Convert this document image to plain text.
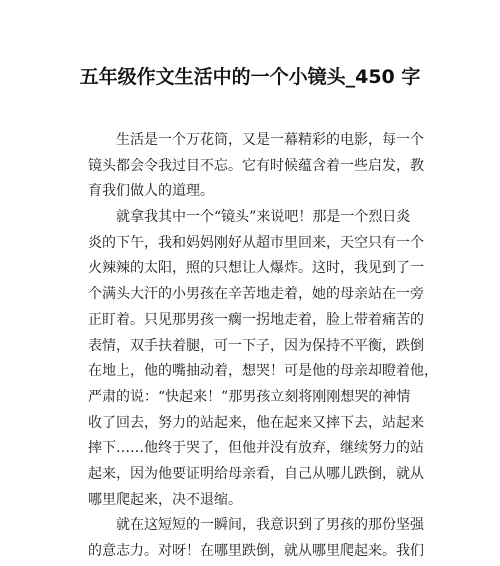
五年级作文生活中的一个小镜头_450 字
生活是一个万花筒，又是一幕精彩的电影，每一个
镜头都会令我过目不忘。它有时候蕴含着一些启发，教
育我们做人的道理。
就拿我其中一个“镜头”来说吧！那是一个烈日炎
炎的下午，我和妈妈刚好从超市里回来，天空只有一个
火辣辣的太阳，照的只想让人爆炸。这时，我见到了一
个满头大汗的小男孩在辛苦地走着，她的母亲站在一旁
正盯着。只见那男孩一瘸一拐地走着，脸上带着痛苦的
表情，双手扶着腿，可一下子，因为保持不平衡，跌倒
在地上，他的嘴抽动着，想哭！可是他的母亲却瞪着他，
严肃的说：“快起来！”那男孩立刻将刚刚想哭的神情
收了回去，努力的站起来，他在起来又摔下去，站起来
摔下……他终于哭了，但他并没有放弃，继续努力的站
起来，因为他要证明给母亲看，自己从哪儿跌倒，就从
哪里爬起来，决不退缩。
就在这短短的一瞬间，我意识到了男孩的那份坚强
的意志力。对呀！在哪里跌倒，就从哪里爬起来。我们
